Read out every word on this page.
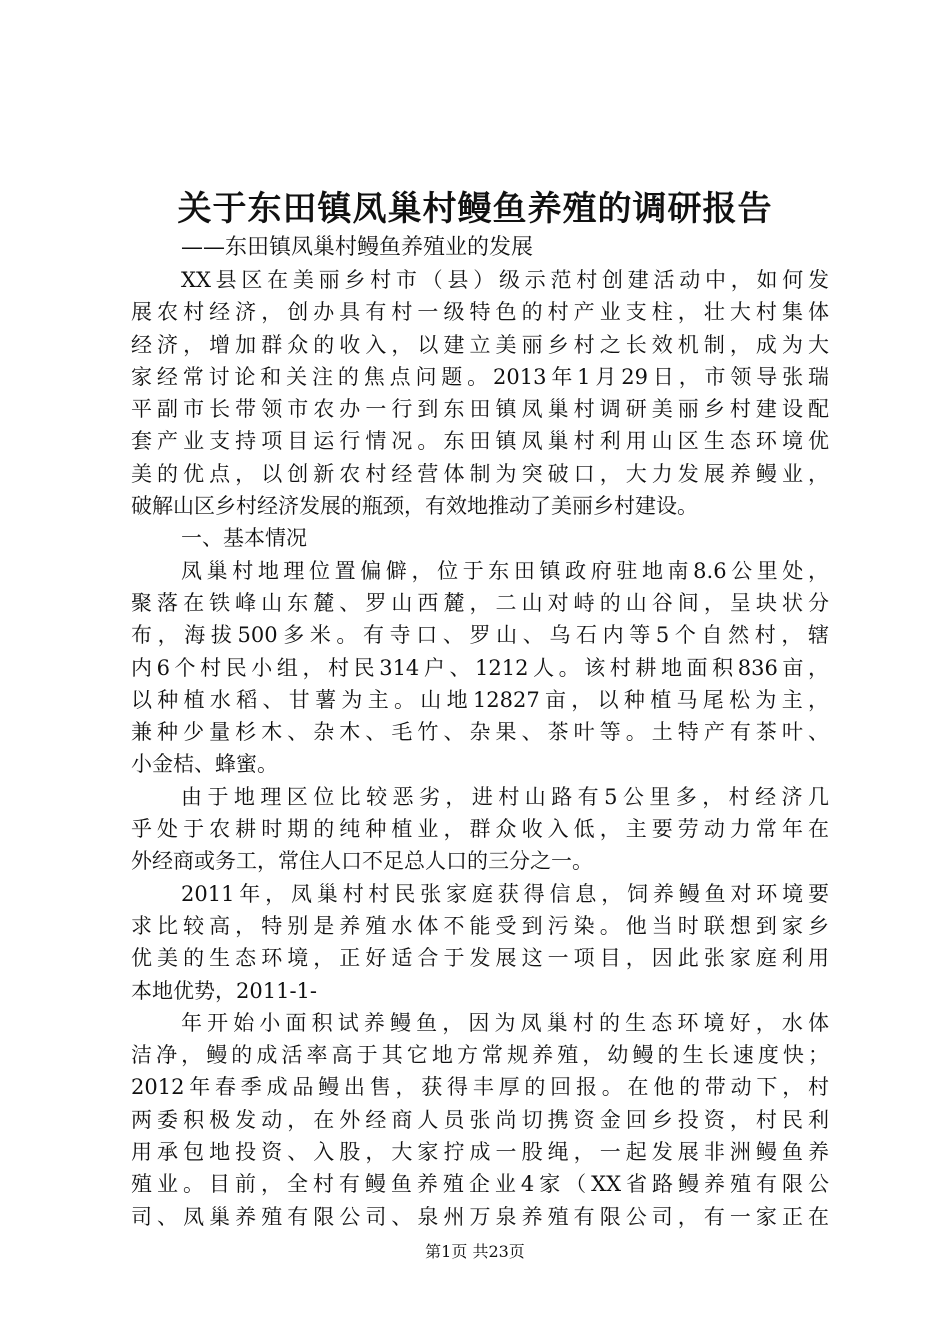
关于东田镇凤巢村鳗鱼养殖的调研报告
——东田镇凤巢村鳗鱼养殖业的发展
XX县区在美丽乡村市（县）级示范村创建活动中，如何发
展农村经济，创办具有村一级特色的村产业支柱，壮大村集体
经济，增加群众的收入，以建立美丽乡村之长效机制，成为大
家经常讨论和关注的焦点问题。2013年1月29日，市领导张瑞
平副市长带领市农办一行到东田镇凤巢村调研美丽乡村建设配
套产业支持项目运行情况。东田镇凤巢村利用山区生态环境优
美的优点，以创新农村经营体制为突破口，大力发展养鳗业，
破解山区乡村经济发展的瓶颈，有效地推动了美丽乡村建设。
一、基本情况
凤巢村地理位置偏僻，位于东田镇政府驻地南8.6公里处，
聚落在铁峰山东麓、罗山西麓，二山对峙的山谷间，呈块状分
布，海拔500多米。有寺口、罗山、乌石内等5个自然村，辖
内6个村民小组，村民314户、1212人。该村耕地面积836亩，
以种植水稻、甘薯为主。山地12827亩，以种植马尾松为主，
兼种少量杉木、杂木、毛竹、杂果、茶叶等。土特产有茶叶、
小金桔、蜂蜜。
由于地理区位比较恶劣，进村山路有5公里多，村经济几
乎处于农耕时期的纯种植业，群众收入低，主要劳动力常年在
外经商或务工，常住人口不足总人口的三分之一。
2011年，凤巢村村民张家庭获得信息，饲养鳗鱼对环境要
求比较高，特别是养殖水体不能受到污染。他当时联想到家乡
优美的生态环境，正好适合于发展这一项目，因此张家庭利用
本地优势，2011-1-
年开始小面积试养鳗鱼，因为凤巢村的生态环境好，水体
洁净，鳗的成活率高于其它地方常规养殖，幼鳗的生长速度快；
2012年春季成品鳗出售，获得丰厚的回报。在他的带动下，村
两委积极发动，在外经商人员张尚切携资金回乡投资，村民利
用承包地投资、入股，大家拧成一股绳，一起发展非洲鳗鱼养
殖业。目前，全村有鳗鱼养殖企业4家（XX省路鳗养殖有限公
司、凤巢养殖有限公司、泉州万泉养殖有限公司，有一家正在
第1页 共23页
